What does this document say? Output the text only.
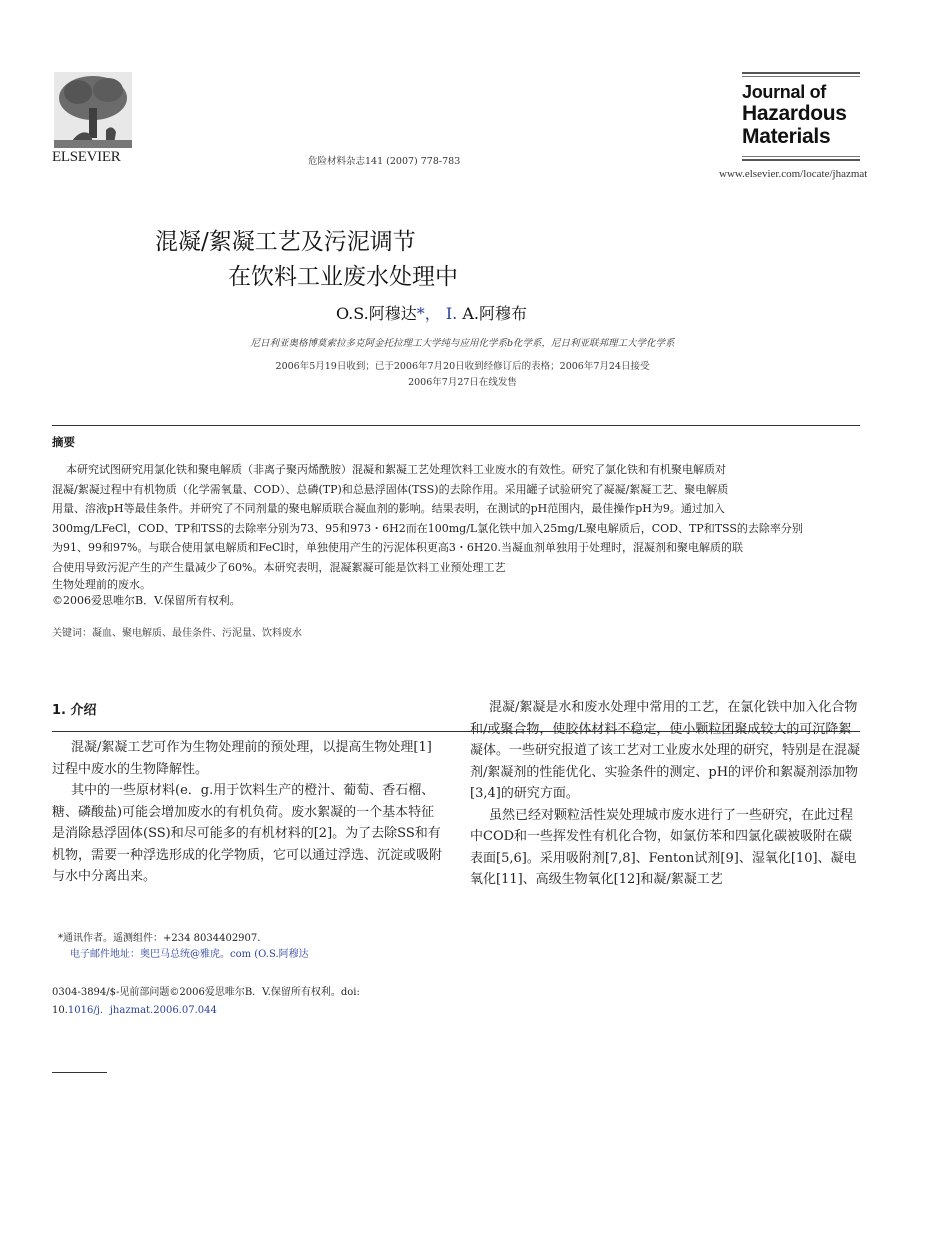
ELSEVIER	危险材料杂志141 (2007) 778-783
Journal of
Hazardous
Materials
www.elsevier.com/locate/jhazmat
混凝/絮凝工艺及污泥调节
在饮料工业废水处理中
O.S.阿穆达*， I. A.阿穆布
尼日利亚奥格博莫索拉多克阿金托拉理工大学纯与应用化学系b化学系，尼日利亚联邦理工大学化学系
2006年5月19日收到；已于2006年7月20日收到经修订后的表格；2006年7月24日接受
2006年7月27日在线发售
摘要

本研究试图研究用氯化铁和聚电解质（非离子聚丙烯酰胺）混凝和絮凝工艺处理饮料工业废水的有效性。研究了氯化铁和有机聚电解质对

混凝/絮凝过程中有机物质（化学需氧量、COD）、总磷(TP)和总悬浮固体(TSS)的去除作用。采用罐子试验研究了凝凝/絮凝工艺、聚电解质

用量、溶液pH等最佳条件。并研究了不同剂量的聚电解质联合凝血剂的影响。结果表明，在测试的pH范围内，最佳操作pH为9。通过加入

300mg/LFeCl，COD、TP和TSS的去除率分别为73、95和973・6H2而在100mg/L氯化铁中加入25mg/L聚电解质后，COD、TP和TSS的去除率分别

为91、99和97%。与联合使用氯电解质和FeCl时，单独使用产生的污泥体积更高3・6H20.当凝血剂单独用于处理时，混凝剂和聚电解质的联

合使用导致污泥产生的产生量减少了60%。本研究表明，混凝絮凝可能是饮料工业预处理工艺

生物处理前的废水。

©2006爱思唯尔B．V.保留所有权利。

关键词：凝血、聚电解质、最佳条件、污泥量、饮料废水
1. 介绍

混凝/絮凝工艺可作为生物处理前的预处理，以提高生物处理[1]过程中废水的生物降解性。

其中的一些原材料(e．g.用于饮料生产的橙汁、葡萄、香石榴、糖、磷酸盐)可能会增加废水的有机负荷。废水絮凝的一个基本特征是消除悬浮固体(SS)和尽可能多的有机材料的[2]。为了去除SS和有机物，需要一种浮选形成的化学物质，它可以通过浮选、沉淀或吸附与水中分离出来。

混凝/絮凝是水和废水处理中常用的工艺，在氯化铁中加入化合物和/或聚合物，使胶体材料不稳定，使小颗粒团聚成较大的可沉降絮凝体。一些研究报道了该工艺对工业废水处理的研究，特别是在混凝剂/絮凝剂的性能优化、实验条件的测定、pH的评价和絮凝剂添加物[3,4]的研究方面。

虽然已经对颗粒活性炭处理城市废水进行了一些研究，在此过程中COD和一些挥发性有机化合物，如氯仿苯和四氯化碳被吸附在碳表面[5,6]。采用吸附剂[7,8]、Fenton试剂[9]、湿氧化[10]、凝电氧化[11]、高级生物氧化[12]和凝/絮凝工艺

*通讯作者。遥测组件：+234 8034402907.
电子邮件地址：奥巴马总统@雅虎。com (O.S.阿穆达
0304-3894/$-见前部问题©2006爱思唯尔B．V.保留所有权利。doi:
10.1016/j．jhazmat.2006.07.044
